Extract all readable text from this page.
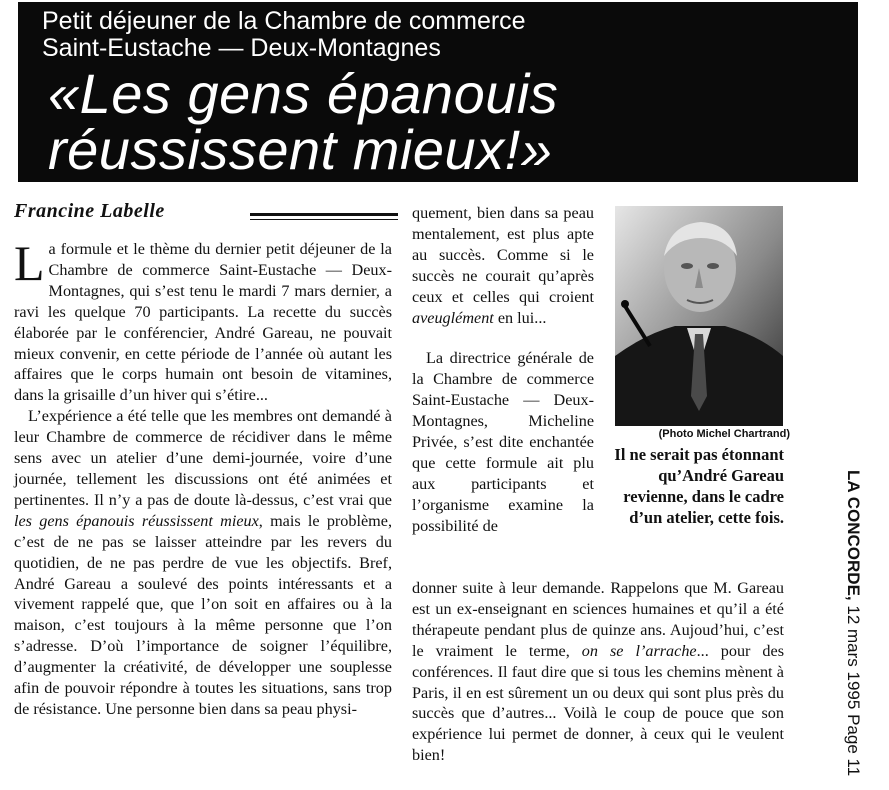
Petit déjeuner de la Chambre de commerce
Saint-Eustache — Deux-Montagnes
«Les gens épanouis
réussissent mieux!»
Francine Labelle

La formule et le thème du dernier petit déjeuner de la Chambre de commerce Saint-Eustache — Deux-Montagnes, qui s’est tenu le mardi 7 mars dernier, a ravi les quelque 70 participants. La recette du succès élaborée par le conférencier, André Gareau, ne pouvait mieux convenir, en cette période de l’année où autant les affaires que le corps humain ont besoin de vitamines, dans la grisaille d’un hiver qui s’étire...

L’expérience a été telle que les membres ont demandé à leur Chambre de commerce de récidiver dans le même sens avec un atelier d’une demi-journée, voire d’une journée, tellement les discussions ont été animées et pertinentes. Il n’y a pas de doute là-dessus, c’est vrai que les gens épanouis réussissent mieux, mais le problème, c’est de ne pas se laisser atteindre par les revers du quotidien, de ne pas perdre de vue les objectifs. Bref, André Gareau a soulevé des points intéressants et a vivement rappelé que, que l’on soit en affaires ou à la maison, c’est toujours à la même personne que l’on s’adresse. D’où l’importance de soigner l’équilibre, d’augmenter la créativité, de développer une souplesse afin de pouvoir répondre à toutes les situations, sans trop de résistance. Une personne bien dans sa peau physi-

quement, bien dans sa peau mentalement, est plus apte au succès. Comme si le succès ne courait qu’après ceux et celles qui croient aveuglément en lui...

La directrice générale de la Chambre de commerce Saint-Eustache — Deux-Montagnes, Micheline Privée, s’est dite enchantée que cette formule ait plu aux participants et l’organisme examine la possibilité de

donner suite à leur demande. Rappelons que M. Gareau est un ex-enseignant en sciences humaines et qu’il a été thérapeute pendant plus de quinze ans. Aujoud’hui, c’est le vraiment le terme, on se l’arrache... pour des conférences. Il faut dire que si tous les chemins mènent à Paris, il en est sûrement un ou deux qui sont plus près du succès que d’autres... Voilà le coup de pouce que son expérience lui permet de donner, à ceux qui le veulent bien!

(Photo Michel Chartrand)
Il ne serait pas étonnant qu’André Gareau revienne, dans le cadre d’un atelier, cette fois.	LA CONCORDE, 12 mars 1995 Page 11
